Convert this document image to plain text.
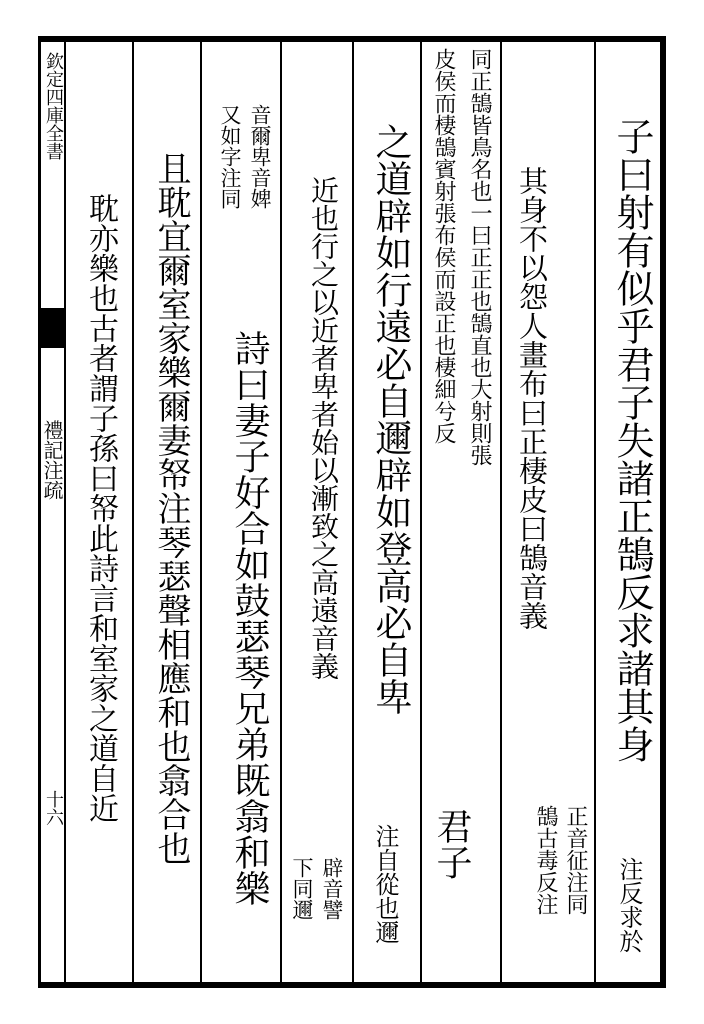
欽定四庫全書
禮記注疏
十六
子曰射有似乎君子失諸正鵠反求諸其身
注反求於
其身不以怨人畫布曰正棲皮曰鵠音義
正音征注同
鵠古毒反注
同正鵠皆鳥名也一曰正正也鵠直也大射則張
皮侯而棲鵠賓射張布侯而設正也棲細兮反
君子
之道辟如行遠必自邇辟如登高必自卑
注自從也邇
近也行之以近者卑者始以漸致之高遠音義
辟音譬
下同邇
音爾卑音婢
又如字注同
詩曰妻子好合如鼓瑟琴兄弟既翕和樂
且耽宜爾室家樂爾妻帑注琴瑟聲相應和也翕合也
耽亦樂也古者謂子孫曰帑此詩言和室家之道自近
